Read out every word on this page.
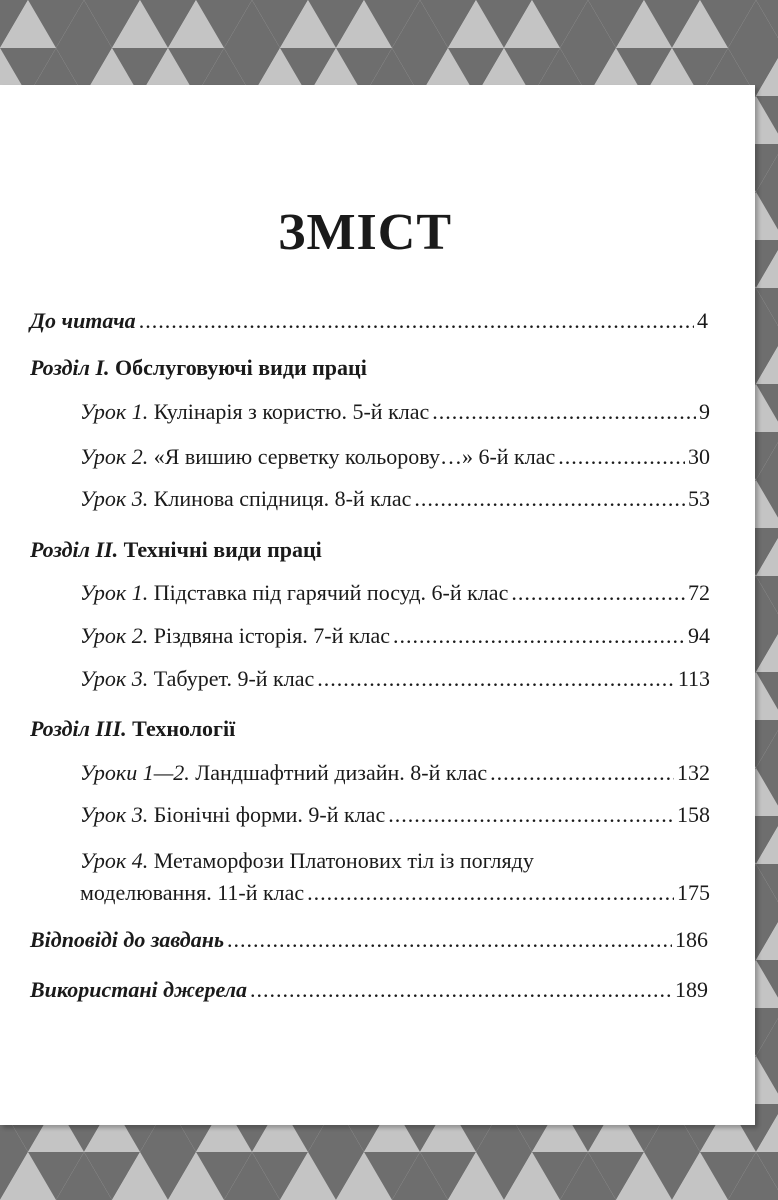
ЗМІСТ
До читача .....	4
Розділ I. Обслуговуючі види праці
Урок 1.
Кулінарія з користю. 5-й клас .....	9
Урок 2.
«Я вишию серветку кольорову…» 6-й клас .....	30
Урок 3.
Клинова спідниця. 8-й клас .....	53
Розділ II. Технічні види праці
Урок 1.
Підставка під гарячий посуд. 6-й клас .....	72
Урок 2.
Різдвяна історія. 7-й клас .....	94
Урок 3.
Табурет. 9-й клас .....	113
Розділ III. Технології
Уроки 1—2.
Ландшафтний дизайн. 8-й клас .....	132
Урок 3.
Біонічні форми. 9-й клас .....	158
Урок 4. Метаморфози Платонових тіл із погляду
моделювання. 11-й клас .....	175
Відповіді до завдань .....	186
Використані джерела .....	189
